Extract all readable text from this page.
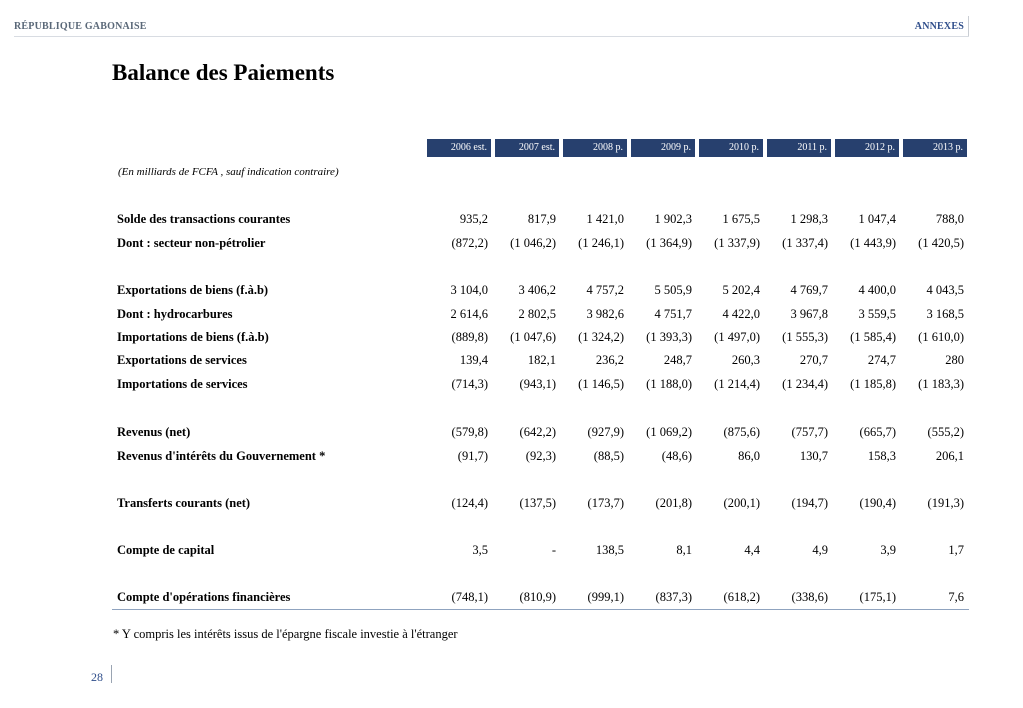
RÉPUBLIQUE GABONAISE	ANNEXES
Balance des Paiements
2006 est.	2007 est.	2008 p.	2009 p.	2010 p.	2011 p.	2012 p.	2013 p.
(En milliards de FCFA , sauf indication contraire)
Solde des transactions courantes	935,2	817,9	1 421,0	1 902,3	1 675,5	1 298,3	1 047,4	788,0
Dont : secteur non-pétrolier	(872,2)	(1 046,2)	(1 246,1)	(1 364,9)	(1 337,9)	(1 337,4)	(1 443,9)	(1 420,5)
Exportations de biens (f.à.b)	3 104,0	3 406,2	4 757,2	5 505,9	5 202,4	4 769,7	4 400,0	4 043,5
Dont : hydrocarbures	2 614,6	2 802,5	3 982,6	4 751,7	4 422,0	3 967,8	3 559,5	3 168,5
Importations de biens (f.à.b)	(889,8)	(1 047,6)	(1 324,2)	(1 393,3)	(1 497,0)	(1 555,3)	(1 585,4)	(1 610,0)
Exportations de services	139,4	182,1	236,2	248,7	260,3	270,7	274,7	280
Importations de services	(714,3)	(943,1)	(1 146,5)	(1 188,0)	(1 214,4)	(1 234,4)	(1 185,8)	(1 183,3)
Revenus (net)	(579,8)	(642,2)	(927,9)	(1 069,2)	(875,6)	(757,7)	(665,7)	(555,2)
Revenus d'intérêts du Gouvernement *	(91,7)	(92,3)	(88,5)	(48,6)	86,0	130,7	158,3	206,1
Transferts courants (net)	(124,4)	(137,5)	(173,7)	(201,8)	(200,1)	(194,7)	(190,4)	(191,3)
Compte de capital	3,5	-	138,5	8,1	4,4	4,9	3,9	1,7
Compte d'opérations financières	(748,1)	(810,9)	(999,1)	(837,3)	(618,2)	(338,6)	(175,1)	7,6
* Y compris les intérêts issus de l'épargne fiscale investie à l'étranger
28
